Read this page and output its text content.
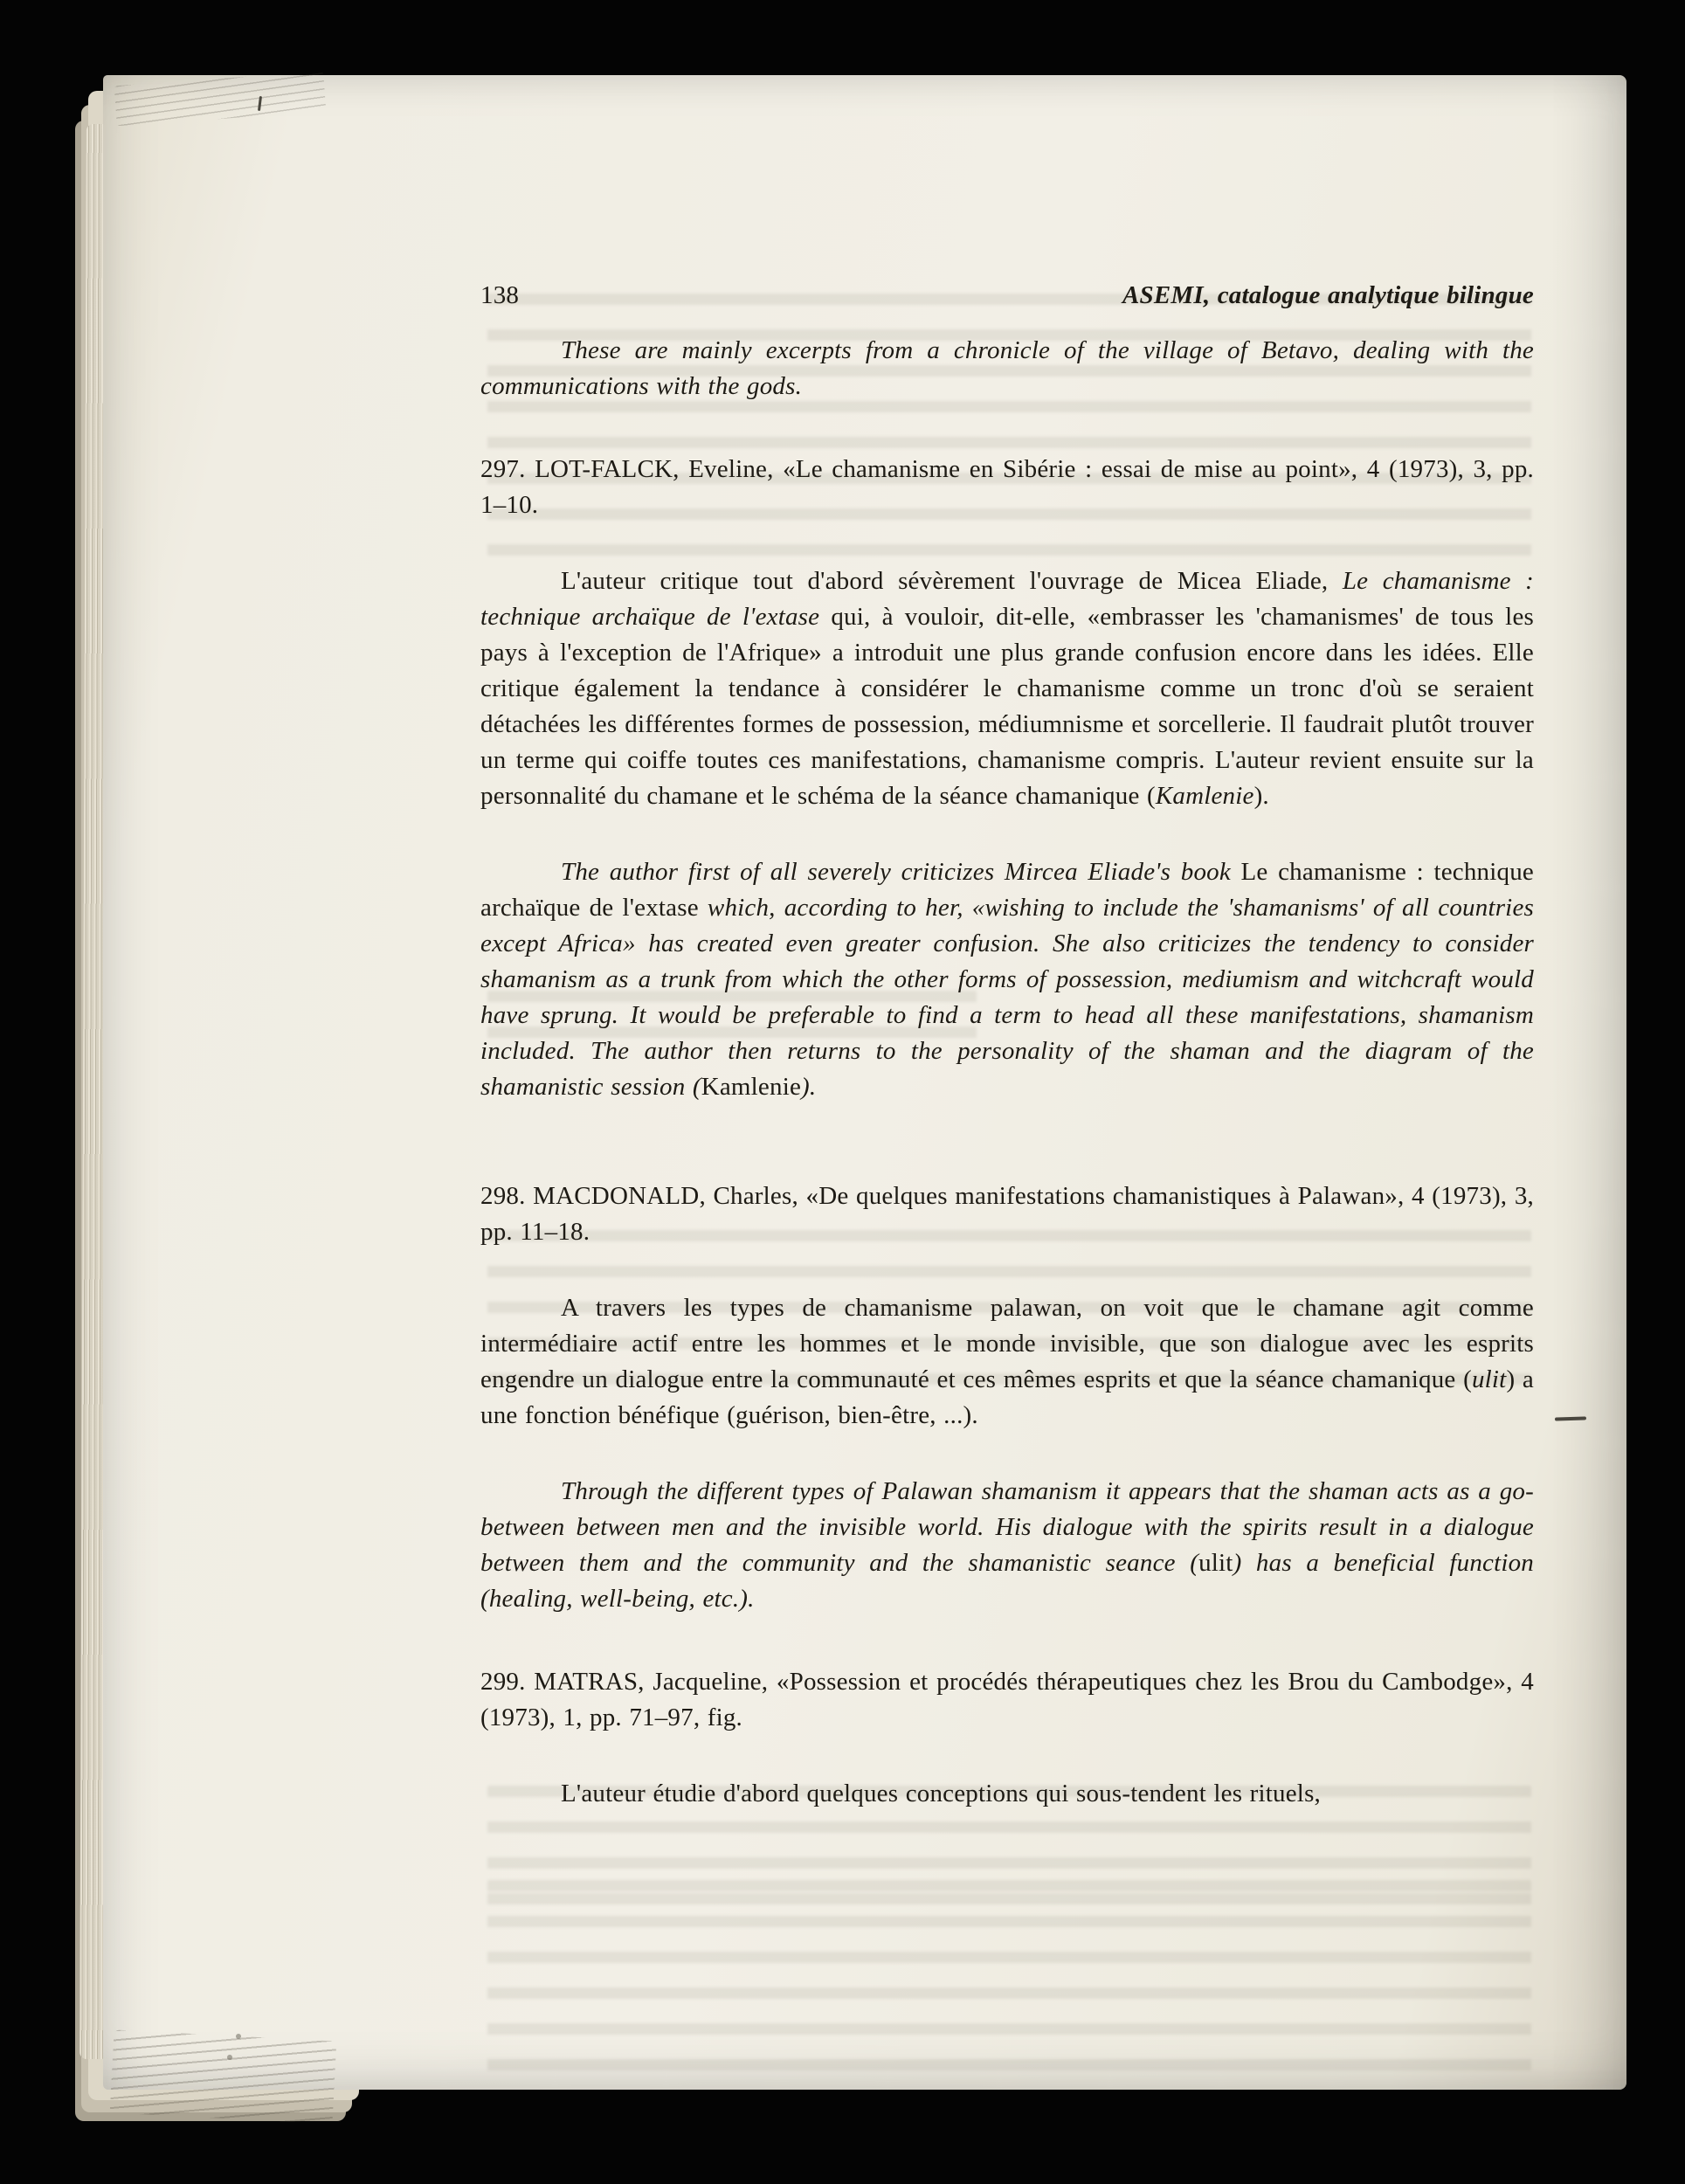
138	ASEMI, catalogue analytique bilingue

These are mainly excerpts from a chronicle of the village of Betavo, dealing with the communications with the gods.

297. LOT-FALCK, Eveline, «Le chamanisme en Sibérie : essai de mise au point», 4 (1973), 3, pp. 1–10.

L'auteur critique tout d'abord sévèrement l'ouvrage de Micea Eliade, Le chamanisme : technique archaïque de l'extase qui, à vouloir, dit-elle, «embrasser les 'chamanismes' de tous les pays à l'exception de l'Afrique» a introduit une plus grande confusion encore dans les idées. Elle critique également la tendance à considérer le chamanisme comme un tronc d'où se seraient détachées les différentes formes de possession, médiumnisme et sorcellerie. Il faudrait plutôt trouver un terme qui coiffe toutes ces manifestations, chamanisme compris. L'auteur revient ensuite sur la personnalité du chamane et le schéma de la séance chamanique (Kamlenie).

The author first of all severely criticizes Mircea Eliade's book Le chamanisme : technique archaïque de l'extase which, according to her, «wishing to include the 'shamanisms' of all countries except Africa» has created even greater confusion. She also criticizes the tendency to consider shamanism as a trunk from which the other forms of possession, mediumism and witchcraft would have sprung. It would be preferable to find a term to head all these manifestations, shamanism included. The author then returns to the personality of the shaman and the diagram of the shamanistic session (Kamlenie).

298. MACDONALD, Charles, «De quelques manifestations chamanistiques à Palawan», 4 (1973), 3, pp. 11–18.

A travers les types de chamanisme palawan, on voit que le chamane agit comme intermédiaire actif entre les hommes et le monde invisible, que son dialogue avec les esprits engendre un dialogue entre la communauté et ces mêmes esprits et que la séance chamanique (ulit) a une fonction bénéfique (guérison, bien-être, ...).

Through the different types of Palawan shamanism it appears that the shaman acts as a go-between between men and the invisible world. His dialogue with the spirits result in a dialogue between them and the community and the shamanistic seance (ulit) has a beneficial function (healing, well-being, etc.).

299. MATRAS, Jacqueline, «Possession et procédés thérapeutiques chez les Brou du Cambodge», 4 (1973), 1, pp. 71–97, fig.

L'auteur étudie d'abord quelques conceptions qui sous-tendent les rituels,
